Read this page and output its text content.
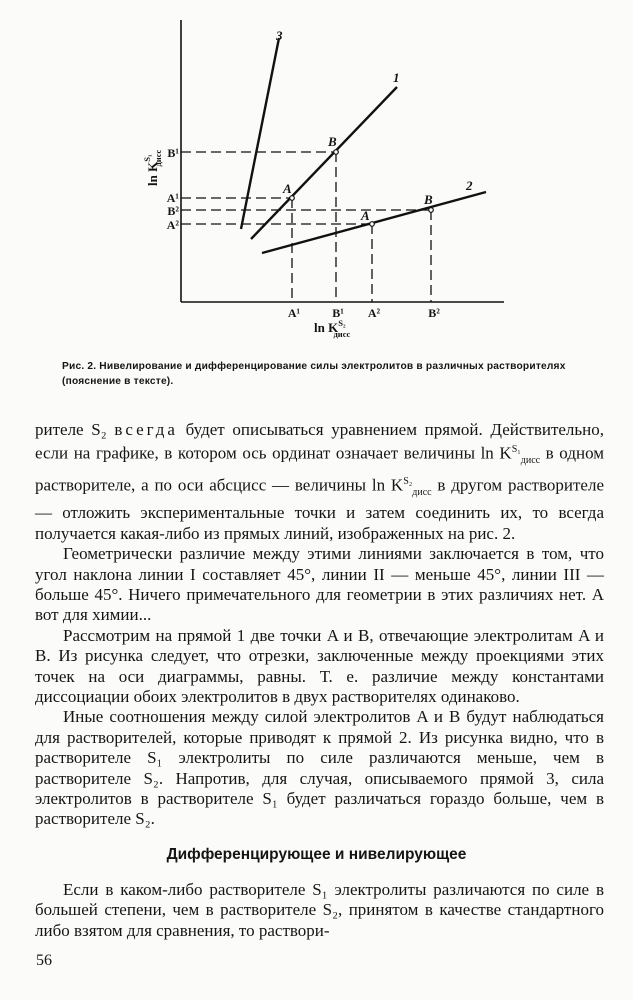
3
1
2
B
A
B
A
$\ln K^{S_1}дисс$ B¹
A¹
B²
A²
A¹	B¹ A²	B²
$\ln K^{S_2}$ дисс
Рис. 2. Нивелирование и дифференцирование силы электролитов в различных растворителях (пояснение в тексте).

рителе S₂ всегда будет описываться уравнением прямой. Действительно, если на графике, в котором ось ординат означает величины $\ln K^{S_1}_{дисс}$ в одном растворителе, а по оси абсцисс — величины $\ln K^{S_2}_{дисс}$ в другом растворителе — отложить экспериментальные точки и затем соединить их, то всегда получается какая-либо из прямых линий, изображенных на рис. 2.

Геометрически различие между этими линиями заключается в том, что угол наклона линии I составляет 45°, линии II — меньше 45°, линии III — больше 45°. Ничего примечательного для геометрии в этих различиях нет. А вот для химии...

Рассмотрим на прямой 1 две точки A и B, отвечающие электролитам A и B. Из рисунка следует, что отрезки, заключенные между проекциями этих точек на оси диаграммы, равны. Т. е. различие между константами диссоциации обоих электролитов в двух растворителях одинаково.

Иные соотношения между силой электролитов A и B будут наблюдаться для растворителей, которые приводят к прямой 2. Из рисунка видно, что в растворителе S₁ электролиты по силе различаются меньше, чем в растворителе S₂. Напротив, для случая, описываемого прямой 3, сила электролитов в растворителе S₁ будет различаться гораздо больше, чем в растворителе S₂.

Дифференцирующее и нивелирующее

Если в каком-либо растворителе S₁ электролиты различаются по силе в большей степени, чем в растворителе S₂, принятом в качестве стандартного либо взятом для сравнения, то раствори-

56
